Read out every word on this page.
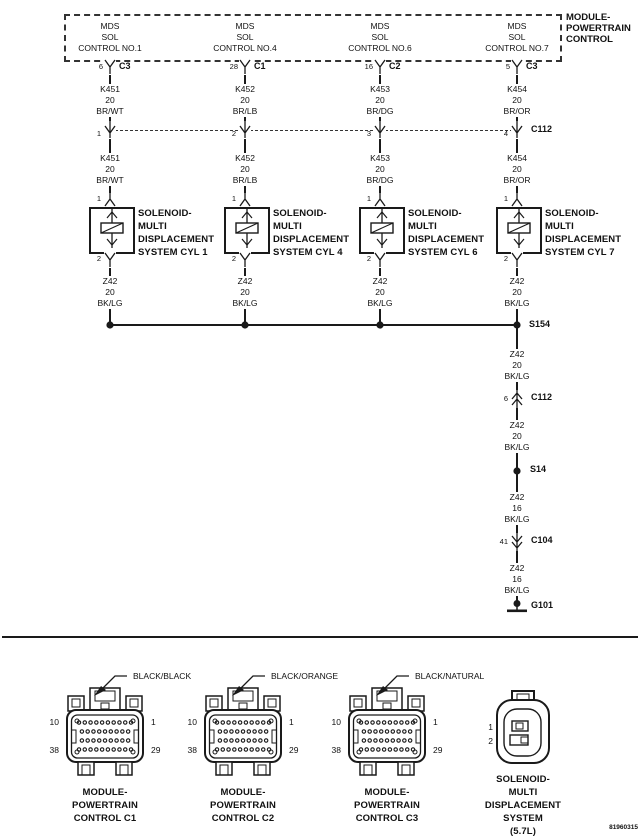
MODULE-
POWERTRAIN
CONTROL
C112
S154
MDS
SOL
CONTROL NO.1
6 C3
K451
20
BR/WT
1
K451
20
BR/WT
1
SOLENOID-
MULTI
DISPLACEMENT
SYSTEM CYL 1
2
Z42
20
BK/LG
MDS
SOL
CONTROL NO.4
28 C1
K452
20
BR/LB
2
K452
20
BR/LB
1
SOLENOID-
MULTI
DISPLACEMENT
SYSTEM CYL 4
2
Z42
20
BK/LG
MDS
SOL
CONTROL NO.6
16 C2
K453
20
BR/DG
3
K453
20
BR/DG
1
SOLENOID-
MULTI
DISPLACEMENT
SYSTEM CYL 6
2
Z42
20
BK/LG
MDS
SOL
CONTROL NO.7
5 C3
K454
20
BR/OR
4
K454
20
BR/OR
1
SOLENOID-
MULTI
DISPLACEMENT
SYSTEM CYL 7
2
Z42
20
BK/LG
Z42
20
BK/LG
6	C112
Z42
20
BK/LG
S14
Z42
16
BK/LG
41	C104
Z42
16
BK/LG
G101
BLACK/BLACK
10	1
38	29
MODULE-
POWERTRAIN
CONTROL C1
BLACK/ORANGE
10	1
38	29
MODULE-
POWERTRAIN
CONTROL C2
BLACK/NATURAL
10	1
38	29
MODULE-
POWERTRAIN
CONTROL C3
1
2
SOLENOID-
MULTI
DISPLACEMENT
SYSTEM
(5.7L)	81960315
